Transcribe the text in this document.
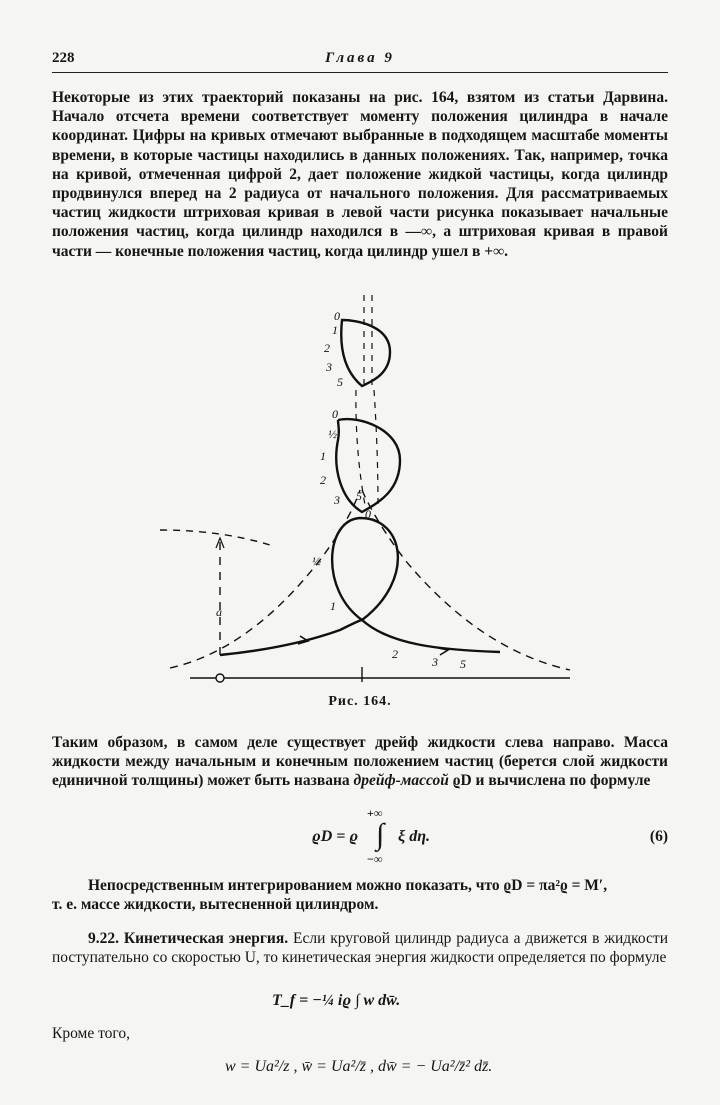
228	Глава 9
Некоторые из этих траекторий показаны на рис. 164, взятом из статьи Дарвина. Начало отсчета времени соответствует моменту положения цилиндра в начале координат. Цифры на кривых отмечают выбранные в подходящем масштабе моменты времени, в которые частицы находились в данных положениях. Так, например, точка на кривой, отмеченная цифрой 2, дает положение жидкой частицы, когда цилиндр продвинулся вперед на 2 радиуса от начального положения. Для рассматриваемых частиц жидкости штриховая кривая в левой части рисунка показывает начальные положения частиц, когда цилиндр находился в —∞, а штриховая кривая в правой части — конечные положения частиц, когда цилиндр ушел в +∞.
a
0
1
2
3
5
0
½
1
2
3 5
0
½
1
2
3 5
Рис. 164.
Таким образом, в самом деле существует дрейф жидкости слева направо. Масса жидкости между начальным и конечным положением частиц (берется слой жидкости единичной толщины) может быть названа дрейф-массой ϱD и вычислена по формуле
ϱD = ϱ
+∞
∫
−∞
ξ dη.	(6)
Непосредственным интегрированием можно показать, что ϱD = πa²ϱ = M′,
т. е. массе жидкости, вытесненной цилиндром.
9.22. Кинетическая энергия. Если круговой цилиндр радиуса a движется в жидкости поступательно со скоростью U, то кинетическая энергия жидкости определяется по формуле
T_f = −¼ iϱ ∫ w dw̄.
Кроме того,
w = Ua²/z , w̄ = Ua²/z̄ , dw̄ = − Ua²/z̄² dz̄.
